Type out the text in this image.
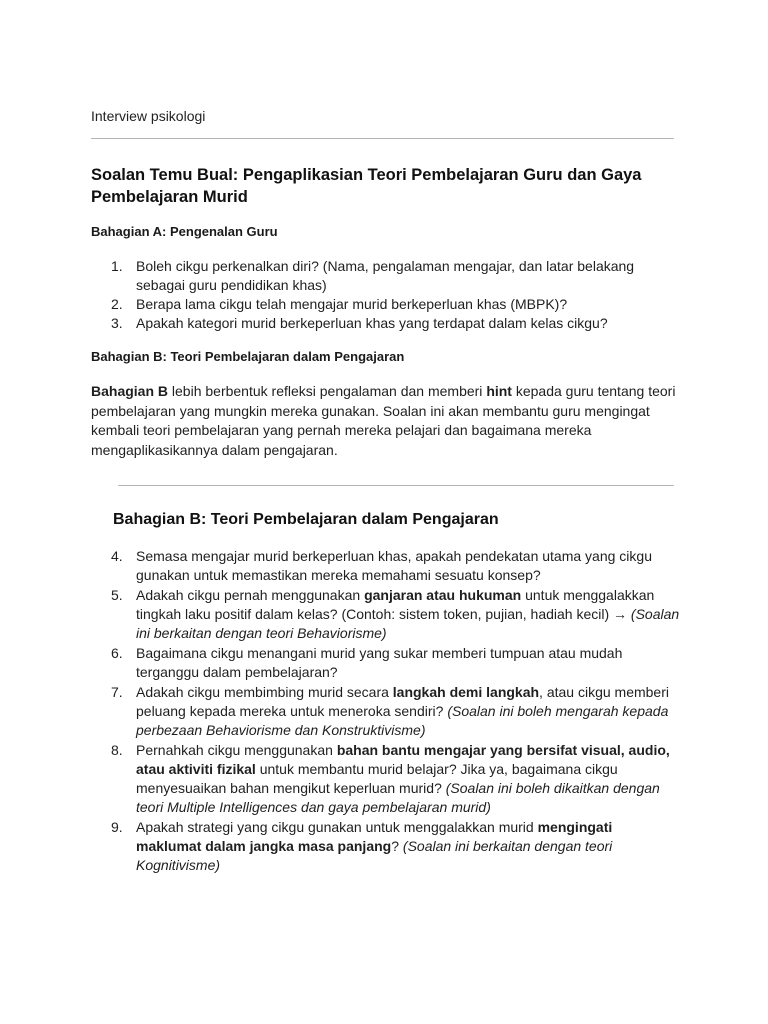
Interview psikologi
Soalan Temu Bual: Pengaplikasian Teori Pembelajaran Guru dan Gaya Pembelajaran Murid
Bahagian A: Pengenalan Guru
1. Boleh cikgu perkenalkan diri? (Nama, pengalaman mengajar, dan latar belakang sebagai guru pendidikan khas)
2. Berapa lama cikgu telah mengajar murid berkeperluan khas (MBPK)?
3. Apakah kategori murid berkeperluan khas yang terdapat dalam kelas cikgu?
Bahagian B: Teori Pembelajaran dalam Pengajaran

Bahagian B lebih berbentuk refleksi pengalaman dan memberi hint kepada guru tentang teori pembelajaran yang mungkin mereka gunakan. Soalan ini akan membantu guru mengingat kembali teori pembelajaran yang pernah mereka pelajari dan bagaimana mereka mengaplikasikannya dalam pengajaran.

Bahagian B: Teori Pembelajaran dalam Pengajaran
4. Semasa mengajar murid berkeperluan khas, apakah pendekatan utama yang cikgu gunakan untuk memastikan mereka memahami sesuatu konsep?
5. Adakah cikgu pernah menggunakan ganjaran atau hukuman untuk menggalakkan tingkah laku positif dalam kelas? (Contoh: sistem token, pujian, hadiah kecil) → (Soalan ini berkaitan dengan teori Behaviorisme)
6. Bagaimana cikgu menangani murid yang sukar memberi tumpuan atau mudah terganggu dalam pembelajaran?
7. Adakah cikgu membimbing murid secara langkah demi langkah, atau cikgu memberi peluang kepada mereka untuk meneroka sendiri? (Soalan ini boleh mengarah kepada perbezaan Behaviorisme dan Konstruktivisme)
8. Pernahkah cikgu menggunakan bahan bantu mengajar yang bersifat visual, audio, atau aktiviti fizikal untuk membantu murid belajar? Jika ya, bagaimana cikgu menyesuaikan bahan mengikut keperluan murid? (Soalan ini boleh dikaitkan dengan teori Multiple Intelligences dan gaya pembelajaran murid)
9. Apakah strategi yang cikgu gunakan untuk menggalakkan murid mengingati maklumat dalam jangka masa panjang? (Soalan ini berkaitan dengan teori Kognitivisme)
